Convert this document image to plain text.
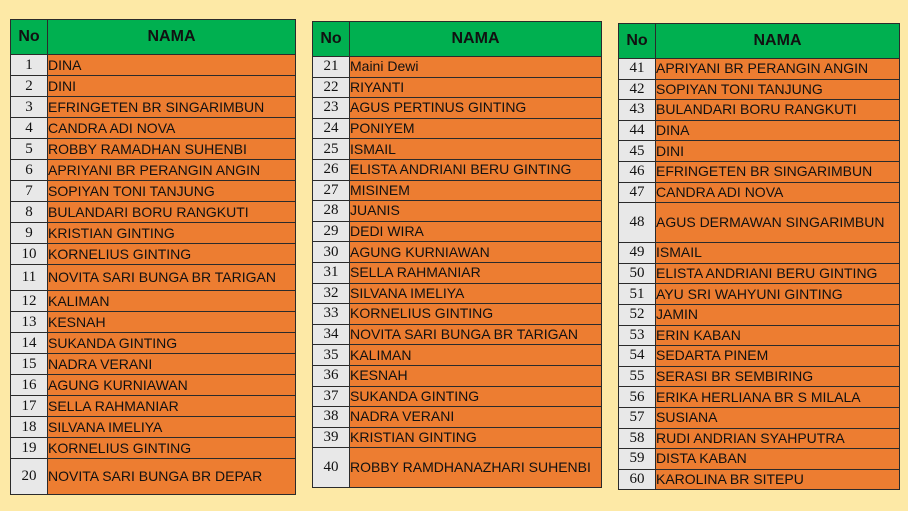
No	NAMA
1	DINA
2	DINI
3	EFRINGETEN BR SINGARIMBUN
4	CANDRA ADI NOVA
5	ROBBY RAMADHAN SUHENBI
6	APRIYANI BR PERANGIN ANGIN
7	SOPIYAN TONI TANJUNG
8	BULANDARI BORU RANGKUTI
9	KRISTIAN GINTING
10	KORNELIUS GINTING
11	NOVITA SARI BUNGA BR TARIGAN
12	KALIMAN
13	KESNAH
14	SUKANDA GINTING
15	NADRA VERANI
16	AGUNG KURNIAWAN
17	SELLA RAHMANIAR
18	SILVANA IMELIYA
19	KORNELIUS GINTING
20	NOVITA SARI BUNGA BR DEPAR
No	NAMA
21	Maini Dewi
22	RIYANTI
23	AGUS PERTINUS GINTING
24	PONIYEM
25	ISMAIL
26	ELISTA ANDRIANI BERU GINTING
27	MISINEM
28	JUANIS
29	DEDI WIRA
30	AGUNG KURNIAWAN
31	SELLA RAHMANIAR
32	SILVANA IMELIYA
33	KORNELIUS GINTING
34	NOVITA SARI BUNGA BR TARIGAN
35	KALIMAN
36	KESNAH
37	SUKANDA GINTING
38	NADRA VERANI
39	KRISTIAN GINTING
40	ROBBY RAMDHANAZHARI SUHENBI
No	NAMA
41	APRIYANI BR PERANGIN ANGIN
42	SOPIYAN TONI TANJUNG
43	BULANDARI BORU RANGKUTI
44	DINA
45	DINI
46	EFRINGETEN BR SINGARIMBUN
47	CANDRA ADI NOVA
48	AGUS DERMAWAN SINGARIMBUN
49	ISMAIL
50	ELISTA ANDRIANI BERU GINTING
51	AYU SRI WAHYUNI GINTING
52	JAMIN
53	ERIN KABAN
54	SEDARTA PINEM
55	SERASI BR SEMBIRING
56	ERIKA HERLIANA BR S MILALA
57	SUSIANA
58	RUDI ANDRIAN SYAHPUTRA
59	DISTA KABAN
60	KAROLINA BR SITEPU
